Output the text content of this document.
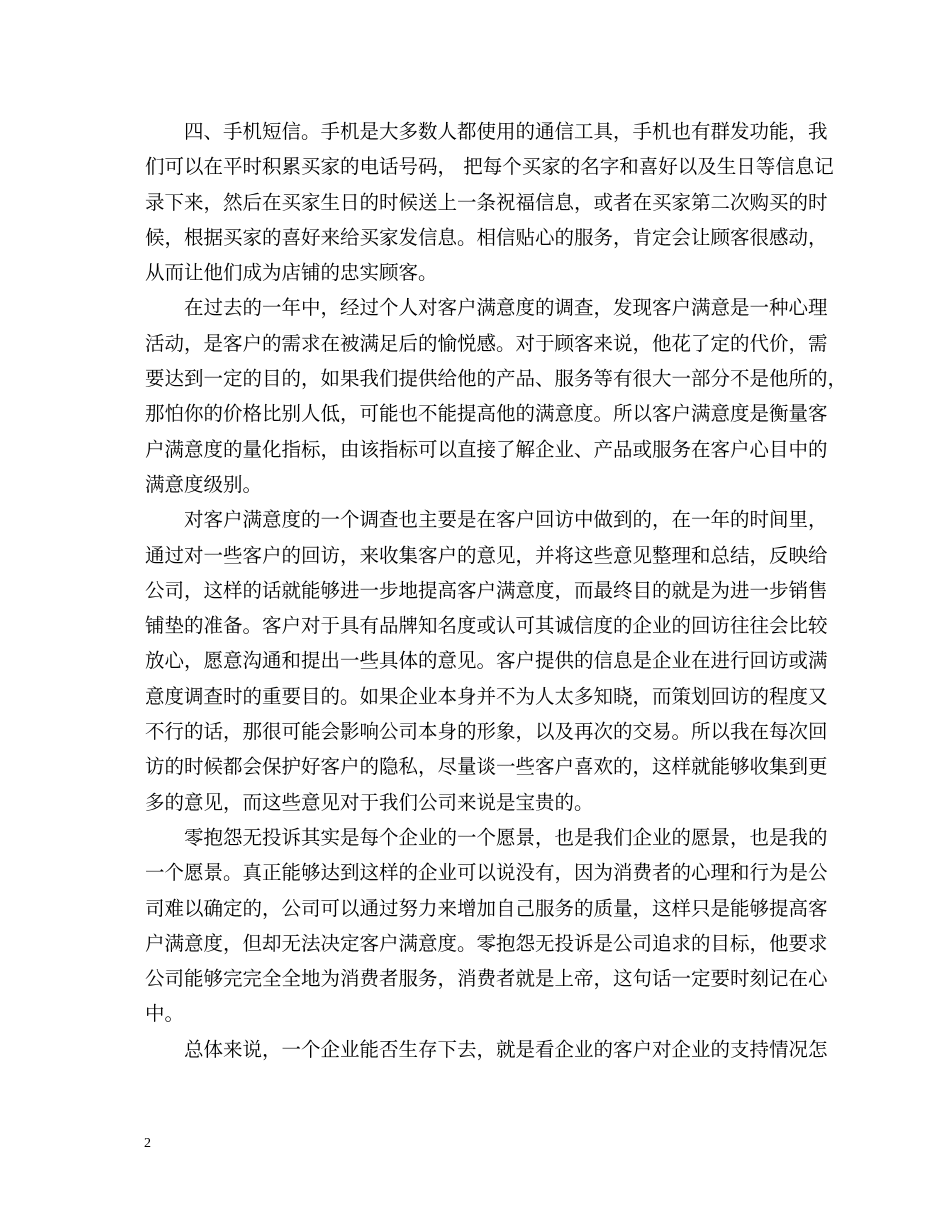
　　四、手机短信。手机是大多数人都使用的通信工具，手机也有群发功能，我
们可以在平时积累买家的电话号码， 把每个买家的名字和喜好以及生日等信息记
录下来，然后在买家生日的时候送上一条祝福信息，或者在买家第二次购买的时
候，根据买家的喜好来给买家发信息。相信贴心的服务，肯定会让顾客很感动，
从而让他们成为店铺的忠实顾客。
　　在过去的一年中，经过个人对客户满意度的调查，发现客户满意是一种心理
活动，是客户的需求在被满足后的愉悦感。对于顾客来说，他花了定的代价，需
要达到一定的目的，如果我们提供给他的产品、服务等有很大一部分不是他所的，
那怕你的价格比别人低，可能也不能提高他的满意度。所以客户满意度是衡量客
户满意度的量化指标，由该指标可以直接了解企业、产品或服务在客户心目中的
满意度级别。
　　对客户满意度的一个调查也主要是在客户回访中做到的，在一年的时间里，
通过对一些客户的回访，来收集客户的意见，并将这些意见整理和总结，反映给
公司，这样的话就能够进一步地提高客户满意度，而最终目的就是为进一步销售
铺垫的准备。客户对于具有品牌知名度或认可其诚信度的企业的回访往往会比较
放心，愿意沟通和提出一些具体的意见。客户提供的信息是企业在进行回访或满
意度调查时的重要目的。如果企业本身并不为人太多知晓，而策划回访的程度又
不行的话，那很可能会影响公司本身的形象，以及再次的交易。所以我在每次回
访的时候都会保护好客户的隐私，尽量谈一些客户喜欢的，这样就能够收集到更
多的意见，而这些意见对于我们公司来说是宝贵的。
　　零抱怨无投诉其实是每个企业的一个愿景，也是我们企业的愿景，也是我的
一个愿景。真正能够达到这样的企业可以说没有，因为消费者的心理和行为是公
司难以确定的，公司可以通过努力来增加自己服务的质量，这样只是能够提高客
户满意度，但却无法决定客户满意度。零抱怨无投诉是公司追求的目标，他要求
公司能够完完全全地为消费者服务，消费者就是上帝，这句话一定要时刻记在心
中。
　　总体来说，一个企业能否生存下去，就是看企业的客户对企业的支持情况怎
2
